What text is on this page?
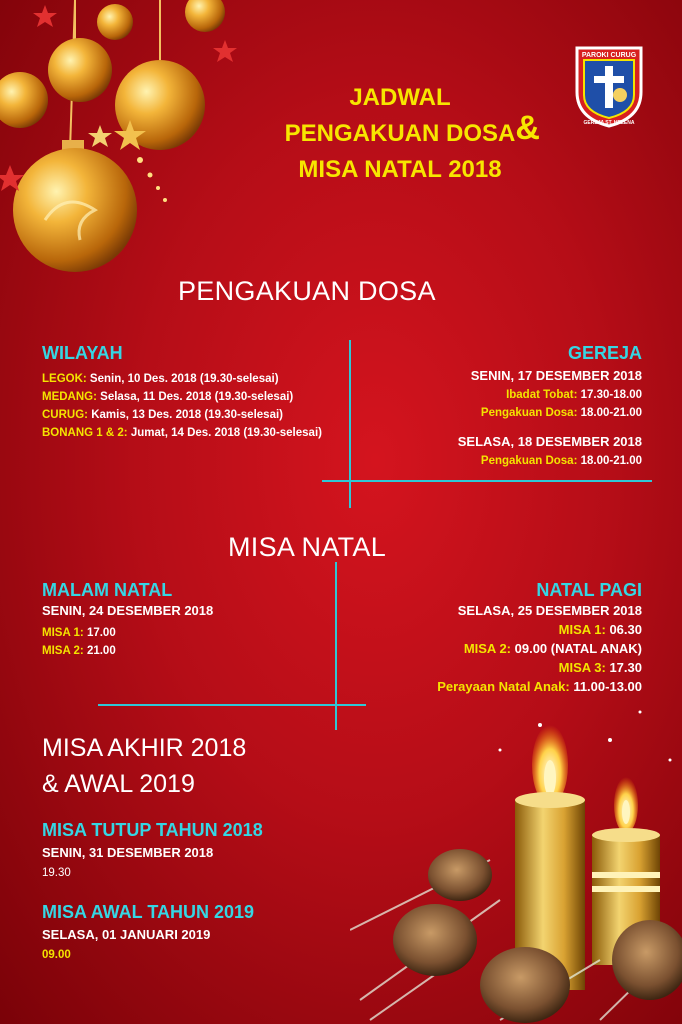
JADWAL
PENGAKUAN DOSA &
MISA NATAL 2018
PAROKI CURUG
GEREJA ST. HELENA
PENGAKUAN DOSA
WILAYAH
LEGOK: Senin, 10 Des. 2018 (19.30-selesai)
MEDANG: Selasa, 11 Des. 2018 (19.30-selesai)
CURUG: Kamis, 13 Des. 2018 (19.30-selesai)
BONANG 1 & 2: Jumat, 14 Des. 2018 (19.30-selesai)
GEREJA
SENIN, 17 DESEMBER 2018
Ibadat Tobat: 17.30-18.00
Pengakuan Dosa: 18.00-21.00
SELASA, 18 DESEMBER 2018
Pengakuan Dosa: 18.00-21.00
MISA NATAL
MALAM NATAL
SENIN, 24 DESEMBER 2018
MISA 1: 17.00
MISA 2: 21.00
NATAL PAGI
SELASA, 25 DESEMBER 2018
MISA 1: 06.30
MISA 2: 09.00 (NATAL ANAK)
MISA 3: 17.30
Perayaan Natal Anak: 11.00-13.00
MISA AKHIR 2018
& AWAL 2019
MISA TUTUP TAHUN 2018
SENIN, 31 DESEMBER 2018
19.30
MISA AWAL TAHUN 2019
SELASA, 01 JANUARI 2019
09.00
